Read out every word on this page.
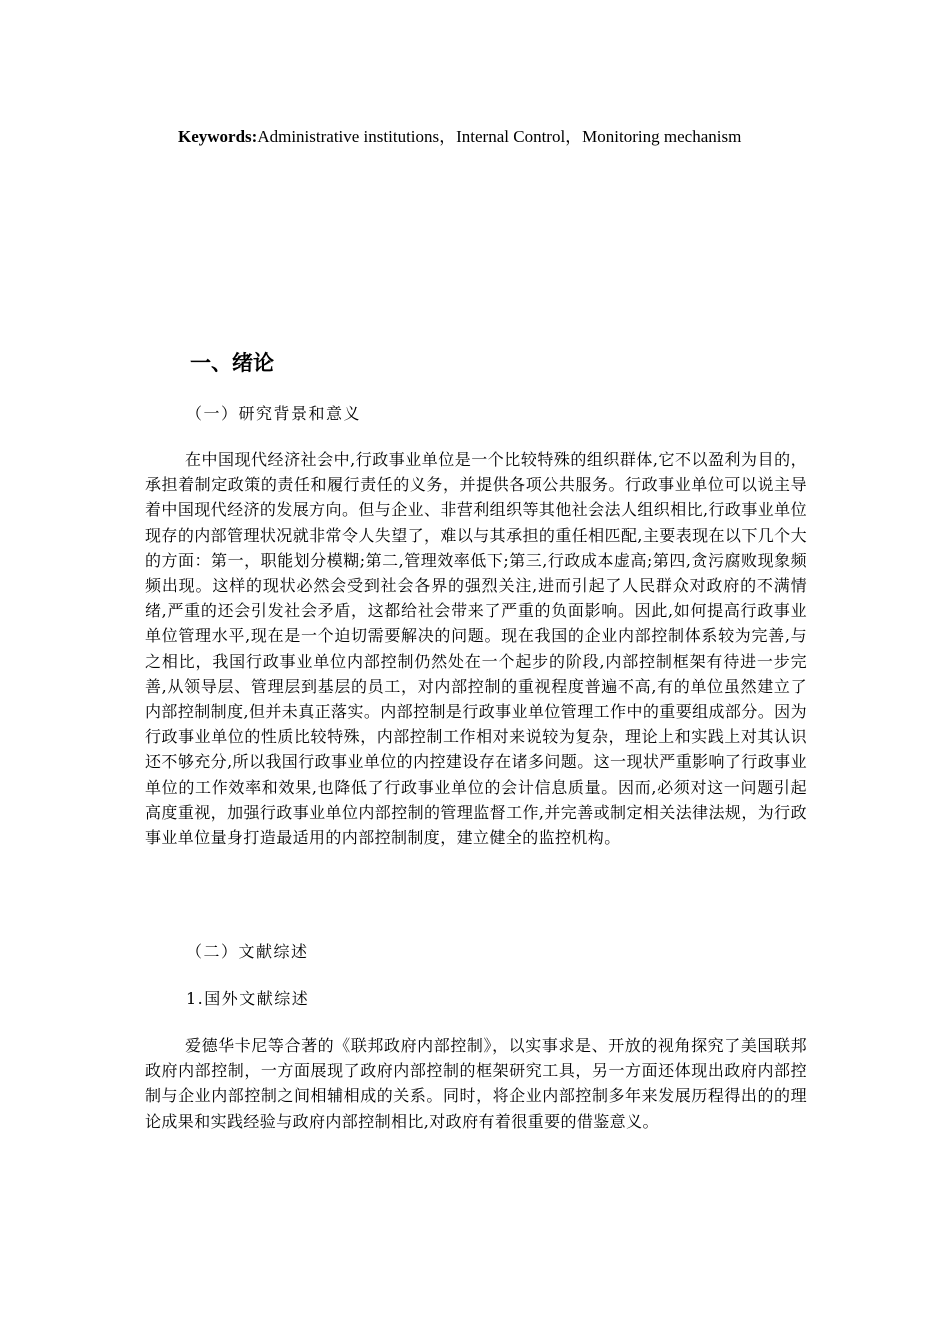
Keywords:Administrative institutions，Internal Control，Monitoring mechanism
一、绪论
（一）研究背景和意义

在中国现代经济社会中,行政事业单位是一个比较特殊的组织群体,它不以盈利为目的，承担着制定政策的责任和履行责任的义务，并提供各项公共服务。行政事业单位可以说主导着中国现代经济的发展方向。但与企业、非营利组织等其他社会法人组织相比,行政事业单位现存的内部管理状况就非常令人失望了，难以与其承担的重任相匹配,主要表现在以下几个大的方面：第一，职能划分模糊;第二,管理效率低下;第三,行政成本虚高;第四,贪污腐败现象频频出现。这样的现状必然会受到社会各界的强烈关注,进而引起了人民群众对政府的不满情绪,严重的还会引发社会矛盾，这都给社会带来了严重的负面影响。因此,如何提高行政事业单位管理水平,现在是一个迫切需要解决的问题。现在我国的企业内部控制体系较为完善,与之相比，我国行政事业单位内部控制仍然处在一个起步的阶段,内部控制框架有待进一步完善,从领导层、管理层到基层的员工，对内部控制的重视程度普遍不高,有的单位虽然建立了内部控制制度,但并未真正落实。内部控制是行政事业单位管理工作中的重要组成部分。因为行政事业单位的性质比较特殊，内部控制工作相对来说较为复杂，理论上和实践上对其认识还不够充分,所以我国行政事业单位的内控建设存在诸多问题。这一现状严重影响了行政事业单位的工作效率和效果,也降低了行政事业单位的会计信息质量。因而,必须对这一问题引起高度重视，加强行政事业单位内部控制的管理监督工作,并完善或制定相关法律法规，为行政事业单位量身打造最适用的内部控制制度，建立健全的监控机构。

（二）文献综述
1.国外文献综述

爱德华卡尼等合著的《联邦政府内部控制》，以实事求是、开放的视角探究了美国联邦政府内部控制，一方面展现了政府内部控制的框架研究工具，另一方面还体现出政府内部控制与企业内部控制之间相辅相成的关系。同时，将企业内部控制多年来发展历程得出的的理论成果和实践经验与政府内部控制相比,对政府有着很重要的借鉴意义。
